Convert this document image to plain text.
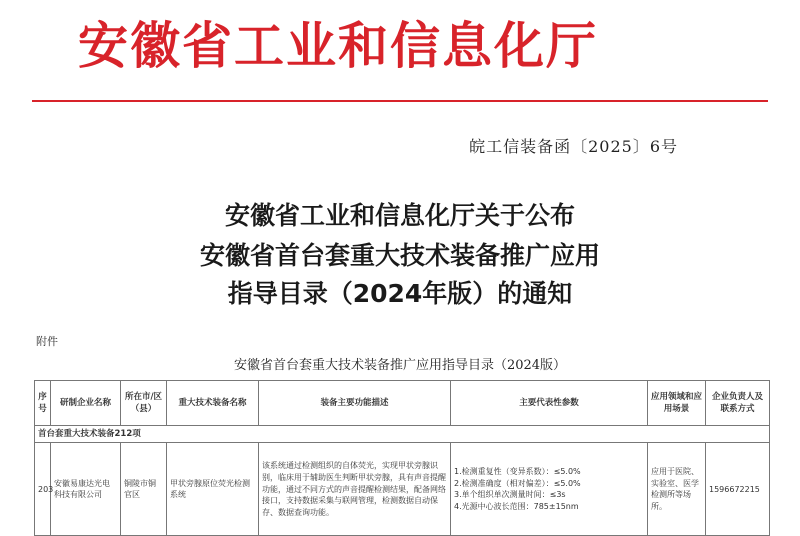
安徽省工业和信息化厅
皖工信装备函〔2025〕6号
安徽省工业和信息化厅关于公布
安徽省首台套重大技术装备推广应用
指导目录（2024年版）的通知
附件
安徽省首台套重大技术装备推广应用指导目录（2024版）
序号	研制企业名称	所在市/区（县）	重大技术装备名称	装备主要功能描述	主要代表性参数	应用领域和应用场景	企业负责人及联系方式
首台套重大技术装备212项							
203	安徽易康达光电科技有限公司	铜陵市铜官区	甲状旁腺原位荧光检测系统	该系统通过检测组织的自体荧光，实现甲状旁腺识别，临床用于辅助医生判断甲状旁腺，具有声音提醒功能，通过不同方式的声音提醒检测结果，配备网络接口，支持数据采集与联网管理，检测数据自动保存、数据查询功能。	1.检测重复性（变异系数）：≤5.0%
2.检测准确度（相对偏差）：≤5.0%
3.单个组织单次测量时间：≤3s
4.光源中心波长范围：785±15nm	应用于医院、实验室、医学检测所等场所。	1596672215
